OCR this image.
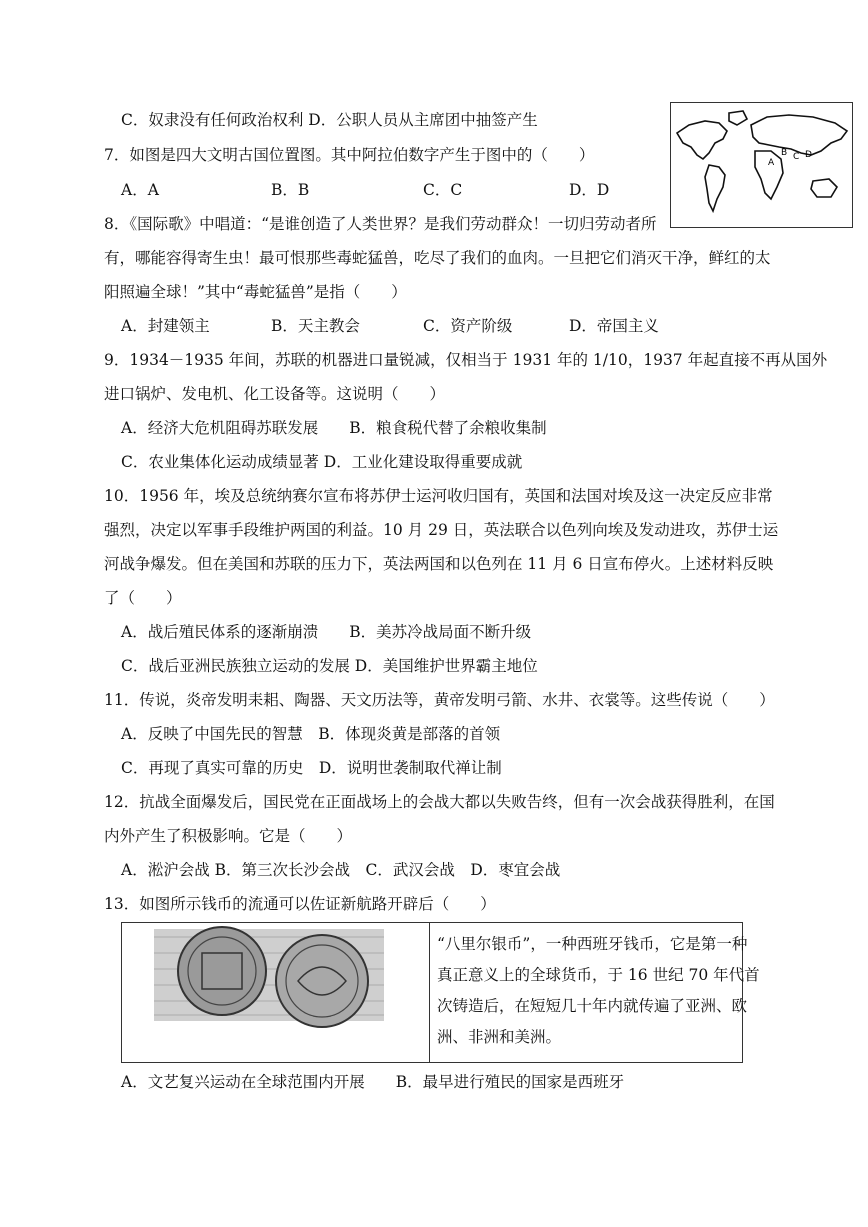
C．奴隶没有任何政治权利 D．公职人员从主席团中抽签产生
A
B C D
7．如图是四大文明古国位置图。其中阿拉伯数字产生于图中的（　　）
A．A	B．B	C．C	D．D
8．《国际歌》中唱道：“是谁创造了人类世界？是我们劳动群众！一切归劳动者所
有，哪能容得寄生虫！最可恨那些毒蛇猛兽，吃尽了我们的血肉。一旦把它们消灭干净，鲜红的太
阳照遍全球！”其中“毒蛇猛兽”是指（　　）
A．封建领主	B．天主教会	C．资产阶级	D．帝国主义
9．1934－1935 年间，苏联的机器进口量锐减，仅相当于 1931 年的 1/10，1937 年起直接不再从国外
进口锅炉、发电机、化工设备等。这说明（　　）
A．经济大危机阻碍苏联发展　　B．粮食税代替了余粮收集制
C．农业集体化运动成绩显著 D．工业化建设取得重要成就
10．1956 年，埃及总统纳赛尔宣布将苏伊士运河收归国有，英国和法国对埃及这一决定反应非常
强烈，决定以军事手段维护两国的利益。10 月 29 日，英法联合以色列向埃及发动进攻，苏伊士运
河战争爆发。但在美国和苏联的压力下，英法两国和以色列在 11 月 6 日宣布停火。上述材料反映
了（　　）
A．战后殖民体系的逐渐崩溃　　B．美苏冷战局面不断升级
C．战后亚洲民族独立运动的发展 D．美国维护世界霸主地位
11．传说，炎帝发明耒耜、陶器、天文历法等，黄帝发明弓箭、水井、衣裳等。这些传说（　　）
A．反映了中国先民的智慧　B．体现炎黄是部落的首领
C．再现了真实可靠的历史　D．说明世袭制取代禅让制
12．抗战全面爆发后，国民党在正面战场上的会战大都以失败告终，但有一次会战获得胜利，在国
内外产生了积极影响。它是（　　）
A．淞沪会战 B．第三次长沙会战　C．武汉会战　D．枣宜会战
13．如图所示钱币的流通可以佐证新航路开辟后（　　）
“八里尔银币”，一种西班牙钱币，它是第一种
真正意义上的全球货币，于 16 世纪 70 年代首
次铸造后，在短短几十年内就传遍了亚洲、欧
洲、非洲和美洲。
A．文艺复兴运动在全球范围内开展　　B．最早进行殖民的国家是西班牙
